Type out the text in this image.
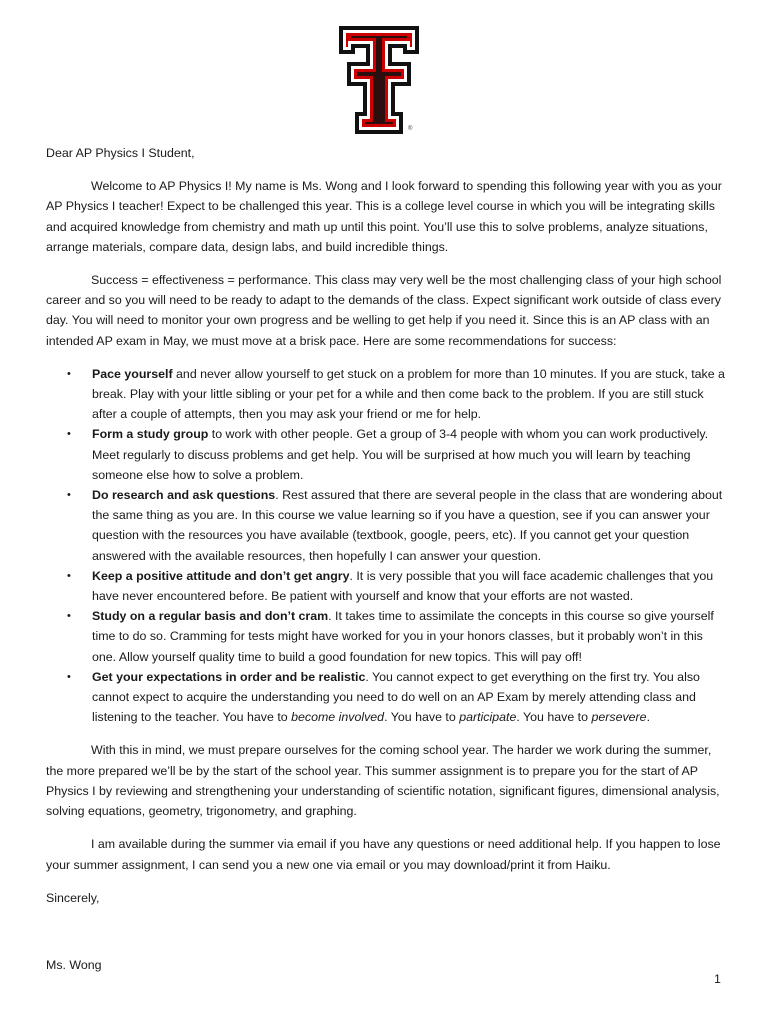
®

Dear AP Physics I Student,

Welcome to AP Physics I! My name is Ms. Wong and I look forward to spending this following year with you as your AP Physics I teacher! Expect to be challenged this year. This is a college level course in which you will be integrating skills and acquired knowledge from chemistry and math up until this point. You’ll use this to solve problems, analyze situations, arrange materials, compare data, design labs, and build incredible things.

Success = effectiveness = performance. This class may very well be the most challenging class of your high school career and so you will need to be ready to adapt to the demands of the class. Expect significant work outside of class every day. You will need to monitor your own progress and be welling to get help if you need it. Since this is an AP class with an intended AP exam in May, we must move at a brisk pace. Here are some recommendations for success:

• Pace yourself and never allow yourself to get stuck on a problem for more than 10 minutes. If you are stuck, take a break. Play with your little sibling or your pet for a while and then come back to the problem. If you are still stuck after a couple of attempts, then you may ask your friend or me for help.
• Form a study group to work with other people. Get a group of 3-4 people with whom you can work productively. Meet regularly to discuss problems and get help. You will be surprised at how much you will learn by teaching someone else how to solve a problem.
• Do research and ask questions. Rest assured that there are several people in the class that are wondering about the same thing as you are. In this course we value learning so if you have a question, see if you can answer your question with the resources you have available (textbook, google, peers, etc). If you cannot get your question answered with the available resources, then hopefully I can answer your question.
• Keep a positive attitude and don’t get angry. It is very possible that you will face academic challenges that you have never encountered before. Be patient with yourself and know that your efforts are not wasted.
• Study on a regular basis and don’t cram. It takes time to assimilate the concepts in this course so give yourself time to do so. Cramming for tests might have worked for you in your honors classes, but it probably won’t in this one. Allow yourself quality time to build a good foundation for new topics. This will pay off!
• Get your expectations in order and be realistic. You cannot expect to get everything on the first try. You also cannot expect to acquire the understanding you need to do well on an AP Exam by merely attending class and listening to the teacher. You have to become involved. You have to participate. You have to persevere.

With this in mind, we must prepare ourselves for the coming school year. The harder we work during the summer, the more prepared we’ll be by the start of the school year. This summer assignment is to prepare you for the start of AP Physics I by reviewing and strengthening your understanding of scientific notation, significant figures, dimensional analysis, solving equations, geometry, trigonometry, and graphing.

I am available during the summer via email if you have any questions or need additional help. If you happen to lose your summer assignment, I can send you a new one via email or you may download/print it from Haiku.

Sincerely,

Ms. Wong

1
